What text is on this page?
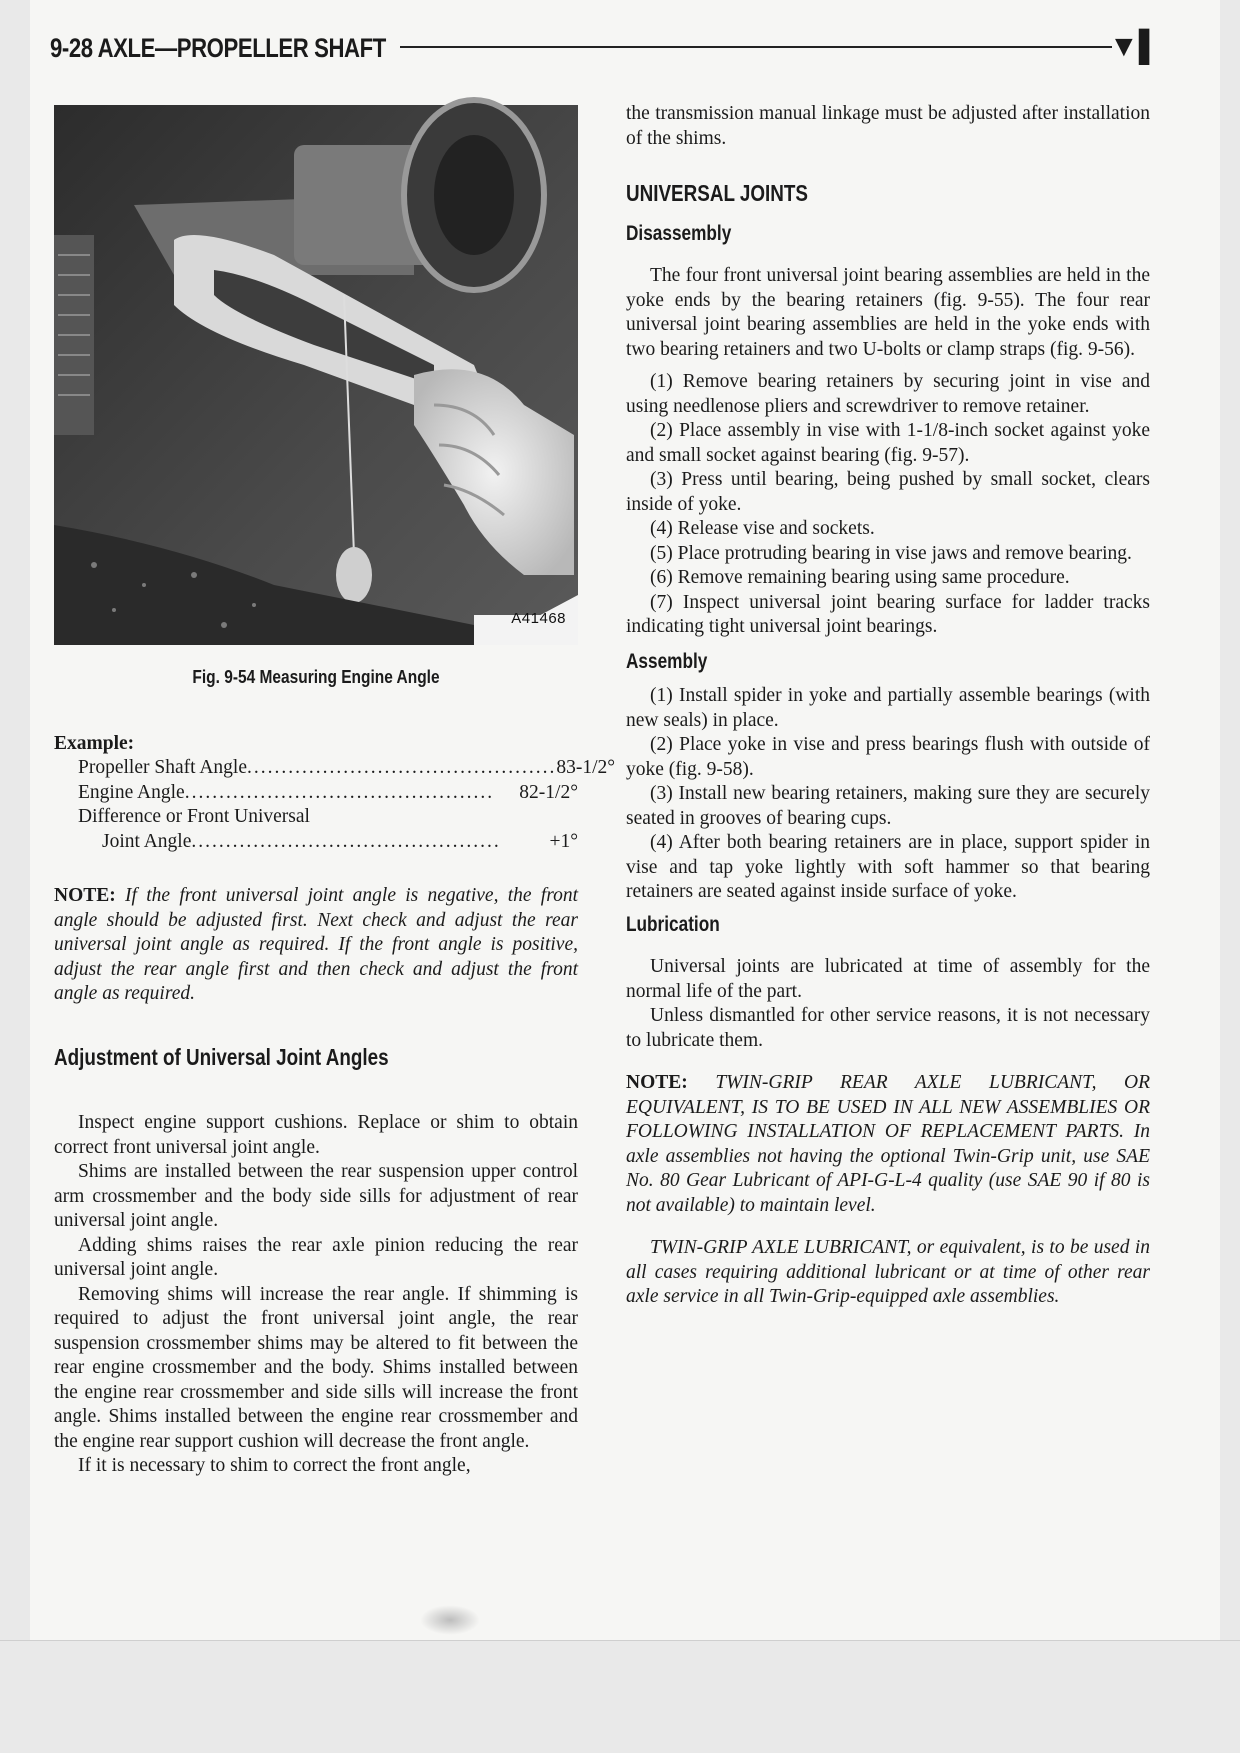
9-28 AXLE—PROPELLER SHAFT	▼▌
A41468
Fig. 9-54 Measuring Engine Angle
Example:
Propeller Shaft Angle ............................................. 83-1/2°
Engine Angle .............................................	82-1/2°
Difference or Front Universal
Joint Angle .............................................	+1°
NOTE: If the front universal joint angle is negative, the front angle should be adjusted first. Next check and adjust the rear universal joint angle as required. If the front angle is positive, adjust the rear angle first and then check and adjust the front angle as required.
Adjustment of Universal Joint Angles

Inspect engine support cushions. Replace or shim to obtain correct front universal joint angle.

Shims are installed between the rear suspension upper control arm crossmember and the body side sills for adjustment of rear universal joint angle.

Adding shims raises the rear axle pinion reducing the rear universal joint angle.

Removing shims will increase the rear angle. If shimming is required to adjust the front universal joint angle, the rear suspension crossmember shims may be altered to fit between the rear engine crossmember and the body. Shims installed between the engine rear crossmember and side sills will increase the front angle. Shims installed between the engine rear crossmember and the engine rear support cushion will decrease the front angle.

If it is necessary to shim to correct the front angle,

the transmission manual linkage must be adjusted after installation of the shims.

UNIVERSAL JOINTS
Disassembly

The four front universal joint bearing assemblies are held in the yoke ends by the bearing retainers (fig. 9-55). The four rear universal joint bearing assemblies are held in the yoke ends with two bearing retainers and two U-bolts or clamp straps (fig. 9-56).

(1) Remove bearing retainers by securing joint in vise and using needlenose pliers and screwdriver to remove retainer.

(2) Place assembly in vise with 1-1/8-inch socket against yoke and small socket against bearing (fig. 9-57).

(3) Press until bearing, being pushed by small socket, clears inside of yoke.

(4) Release vise and sockets.

(5) Place protruding bearing in vise jaws and remove bearing.

(6) Remove remaining bearing using same procedure.

(7) Inspect universal joint bearing surface for ladder tracks indicating tight universal joint bearings.

Assembly

(1) Install spider in yoke and partially assemble bearings (with new seals) in place.

(2) Place yoke in vise and press bearings flush with outside of yoke (fig. 9-58).

(3) Install new bearing retainers, making sure they are securely seated in grooves of bearing cups.

(4) After both bearing retainers are in place, support spider in vise and tap yoke lightly with soft hammer so that bearing retainers are seated against inside surface of yoke.

Lubrication

Universal joints are lubricated at time of assembly for the normal life of the part.

Unless dismantled for other service reasons, it is not necessary to lubricate them.

NOTE: TWIN-GRIP REAR AXLE LUBRICANT, OR EQUIVALENT, IS TO BE USED IN ALL NEW ASSEMBLIES OR FOLLOWING INSTALLATION OF REPLACEMENT PARTS. In axle assemblies not having the optional Twin-Grip unit, use SAE No. 80 Gear Lubricant of API-G-L-4 quality (use SAE 90 if 80 is not available) to maintain level.

TWIN-GRIP AXLE LUBRICANT, or equivalent, is to be used in all cases requiring additional lubricant or at time of other rear axle service in all Twin-Grip-equipped axle assemblies.
